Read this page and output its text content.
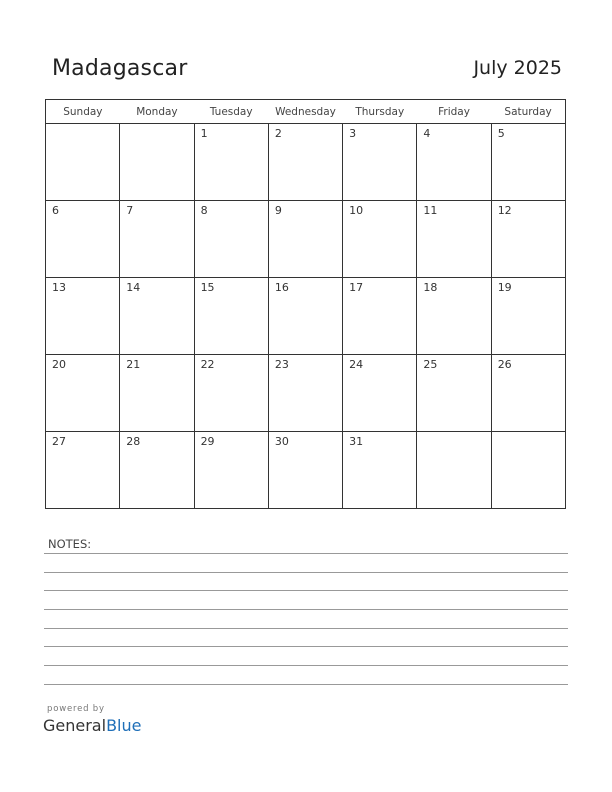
Madagascar	July 2025
Sunday	Monday	Tuesday	Wednesday	Thursday	Friday	Saturday

		1	2	3	4	5

6	7	8	9	10	11	12

13	14	15	16	17	18	19

20	21	22	23	24	25	26

27	28	29	30	31		

NOTES:
powered by
GeneralBlue
